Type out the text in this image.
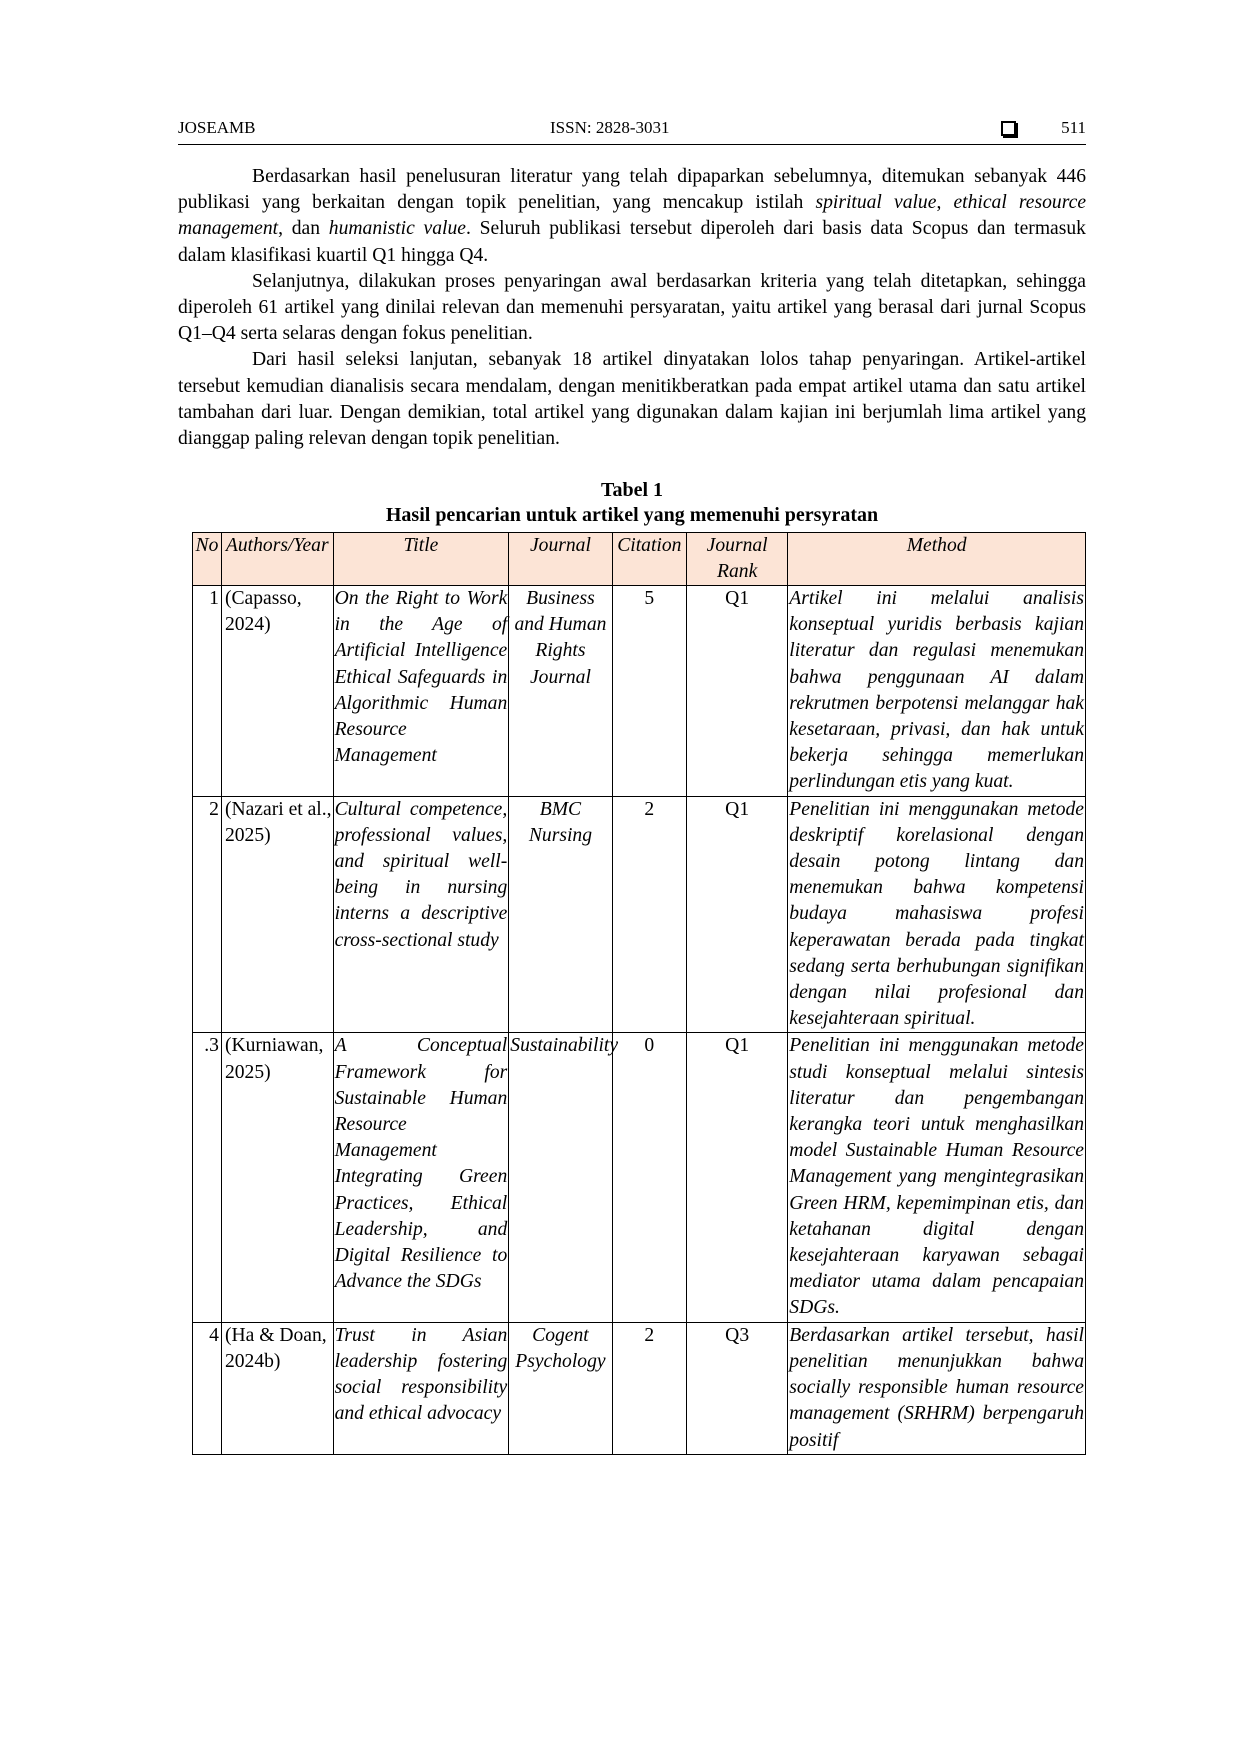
JOSEAMB	ISSN: 2828-3031	511

Berdasarkan hasil penelusuran literatur yang telah dipaparkan sebelumnya, ditemukan sebanyak 446 publikasi yang berkaitan dengan topik penelitian, yang mencakup istilah spiritual value, ethical resource management, dan humanistic value. Seluruh publikasi tersebut diperoleh dari basis data Scopus dan termasuk dalam klasifikasi kuartil Q1 hingga Q4.

Selanjutnya, dilakukan proses penyaringan awal berdasarkan kriteria yang telah ditetapkan, sehingga diperoleh 61 artikel yang dinilai relevan dan memenuhi persyaratan, yaitu artikel yang berasal dari jurnal Scopus Q1–Q4 serta selaras dengan fokus penelitian.

Dari hasil seleksi lanjutan, sebanyak 18 artikel dinyatakan lolos tahap penyaringan. Artikel-artikel tersebut kemudian dianalisis secara mendalam, dengan menitikberatkan pada empat artikel utama dan satu artikel tambahan dari luar. Dengan demikian, total artikel yang digunakan dalam kajian ini berjumlah lima artikel yang dianggap paling relevan dengan topik penelitian.

Tabel 1
Hasil pencarian untuk artikel yang memenuhi persyratan
No	Authors/Year	Title	Journal	Citation	Journal Rank	Method
1	(Capasso, 2024)	On the Right to Work in the Age of Artificial Intelligence Ethical Safeguards in Algorithmic Human Resource Management	Business and Human Rights Journal	5	Q1	Artikel ini melalui analisis konseptual yuridis berbasis kajian literatur dan regulasi menemukan bahwa penggunaan AI dalam rekrutmen berpotensi melanggar hak kesetaraan, privasi, dan hak untuk bekerja sehingga memerlukan perlindungan etis yang kuat.
2	(Nazari et al., 2025)	Cultural competence, professional values, and spiritual well-being in nursing interns a descriptive cross-sectional study	BMC Nursing	2	Q1	Penelitian ini menggunakan metode deskriptif korelasional dengan desain potong lintang dan menemukan bahwa kompetensi budaya mahasiswa profesi keperawatan berada pada tingkat sedang serta berhubungan signifikan dengan nilai profesional dan kesejahteraan spiritual.
.3	(Kurniawan, 2025)	A Conceptual Framework for Sustainable Human Resource Management Integrating Green Practices, Ethical Leadership, and Digital Resilience to Advance the SDGs	Sustainability	0	Q1	Penelitian ini menggunakan metode studi konseptual melalui sintesis literatur dan pengembangan kerangka teori untuk menghasilkan model Sustainable Human Resource Management yang mengintegrasikan Green HRM, kepemimpinan etis, dan ketahanan digital dengan kesejahteraan karyawan sebagai mediator utama dalam pencapaian SDGs.
4	(Ha & Doan, 2024b)	Trust in Asian leadership fostering social responsibility and ethical advocacy	Cogent Psychology	2	Q3	Berdasarkan artikel tersebut, hasil penelitian menunjukkan bahwa socially responsible human resource management (SRHRM) berpengaruh positif
